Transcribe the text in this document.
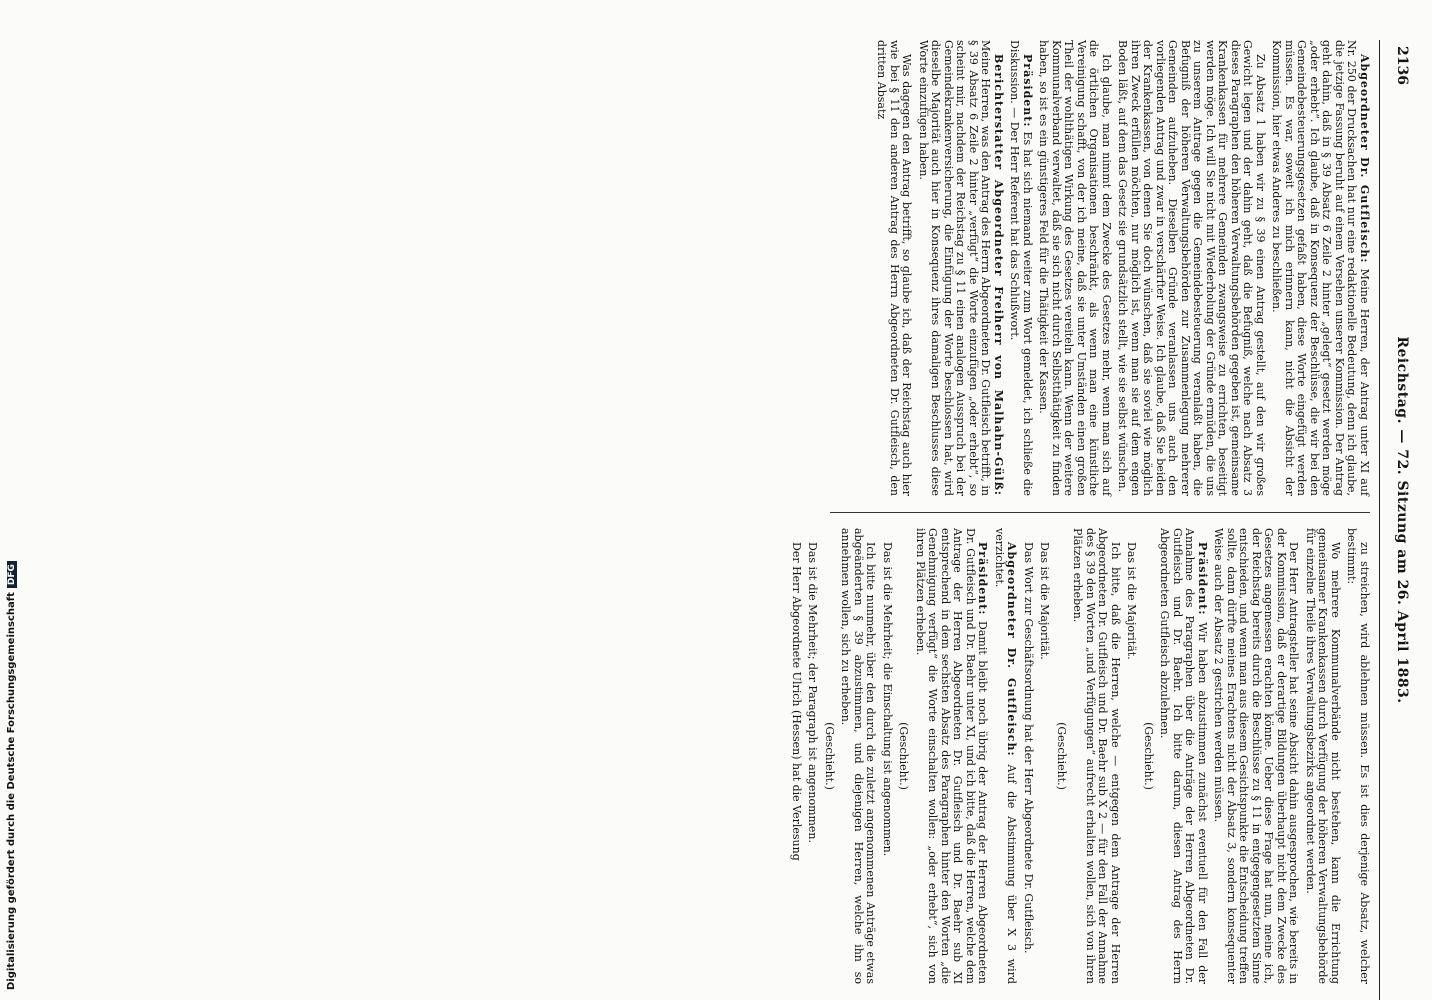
2136
Reichstag. — 72. Sitzung am 26. April 1883.

Abgeordneter Dr. Gutfleisch: Meine Herren, der Antrag unter XI auf Nr. 250 der Drucksachen hat nur eine redaktionelle Bedeutung, denn ich glaube, die jetzige Fassung beruht auf einem Versehen unserer Kommission. Der Antrag geht dahin, daß in § 39 Absatz 6 Zeile 2 hinter „gelegt“ gesetzt werden möge „oder erhebt“. Ich glaube, daß in Konsequenz der Beschlüsse, die wir bei den Gemeindebesteuerungsgesetzen gefaßt haben, diese Worte eingefügt werden müssen. Es war, soweit ich mich erinnern kann, nicht die Absicht der Kommission, hier etwas Anderes zu beschließen.

Zu Absatz 1 haben wir zu § 39 einen Antrag gestellt, auf den wir großes Gewicht legen und der dahin geht, daß die Befugniß, welche nach Absatz 3 dieses Paragraphen den höheren Verwaltungsbehörden gegeben ist, gemeinsame Krankenkassen für mehrere Gemeinden zwangsweise zu errichten, beseitigt werden möge. Ich will Sie nicht mit Wiederholung der Gründe ermüden, die uns zu unserem Antrage gegen die Gemeindebesteuerung veranlaßt haben, die Befugniß der höheren Verwaltungsbehörden zur Zusammenlegung mehrerer Gemeinden aufzuheben. Dieselben Gründe veranlassen uns auch den vorliegenden Antrag und zwar in verschärfter Weise. Ich glaube, daß Sie beiden der Krankenkassen, von denen Sie doch wünschen, daß sie soviel wie möglich ihren Zweck erfüllen möchten, nur möglich ist, wenn man sie auf dem engen Boden läßt, auf dem das Gesetz sie grundsätzlich stellt, wie sie selbst wünschen.

Ich glaube, man nimmt dem Zwecke des Gesetzes mehr, wenn man sich auf die örtlichen Organisationen beschränkt, als wenn man eine künstliche Vereinigung schafft, von der ich meine, daß sie unter Umständen einen großen Theil der wohlthätigen Wirkung des Gesetzes vereiteln kann. Wenn der weitere Kommunalverband verwaltet, daß sie sich nicht durch Selbstthätigkeit zu finden haben, so ist es ein günstigeres Feld für die Thätigkeit der Kassen.

Präsident: Es hat sich niemand weiter zum Wort gemeldet, ich schließe die Diskussion. — Der Herr Referent hat das Schlußwort.

Berichterstatter Abgeordneter Freiherr von Malhahn-Gülß: Meine Herren, was den Antrag des Herrn Abgeordneten Dr. Gutfleisch betrifft, in § 39 Absatz 6 Zeile 2 hinter „verfügt“ die Worte einzufügen „oder erhebt“, so scheint mir, nachdem der Reichstag zu § 11 einen analogen Ausspruch bei der Gemeindekrankenversicherung, die Einfügung der Worte beschlossen hat, wird dieselbe Majorität auch hier in Konsequenz ihres damaligen Beschlusses diese Worte einzufügen haben.

Was dagegen den Antrag betrifft, so glaube ich, daß der Reichstag auch hier wie bei § 11 den anderen Antrag des Herrn Abgeordneten Dr. Gutfleisch, den dritten Absatz

zu streichen, wird ablehnen müssen. Es ist dies derjenige Absatz, welcher bestimmt:

Wo mehrere Kommunalverbände nicht bestehen, kann die Errichtung gemeinsamer Krankenkassen durch Verfügung der höheren Verwaltungsbehörde für einzelne Theile ihres Verwaltungsbezirks angeordnet werden.

Der Herr Antragsteller hat seine Absicht dahin ausgesprochen, wie bereits in der Kommission, daß er derartige Bildungen überhaupt nicht dem Zwecke des Gesetzes angemessen erachten könne. Ueber diese Frage hat nun, meine ich, der Reichstag bereits durch die Beschlüsse zu § 11 in entgegengesetztem Sinne entschieden, und wenn man aus diesem Gesichtspunkte die Entscheidung treffen sollte, dann dürfte meines Erachtens nicht der Absatz 3, sondern konsequenter Weise auch der Absatz 2 gestrichen werden müssen.

Präsident: Wir haben abzustimmen zunächst eventuell für den Fall der Annahme des Paragraphen über die Anträge der Herren Abgeordneten Dr. Gutfleisch und Dr. Baehr. Ich bitte darum, diesen Antrag des Herrn Abgeordneten Gutfleisch abzulehnen.

(Geschieht.)

Das ist die Majorität.

Ich bitte, daß die Herren, welche — entgegen dem Antrage der Herren Abgeordneten Dr. Gutfleisch und Dr. Baehr sub X 2 — für den Fall der Annahme des § 39 den Worten „und Verfügungen“ aufrecht erhalten wollen, sich von ihren Plätzen erheben.

(Geschieht.)

Das ist die Majorität.

Das Wort zur Geschäftsordnung hat der Herr Abgeordnete Dr. Gutfleisch.

Abgeordneter Dr. Gutfleisch: Auf die Abstimmung über X 3 wird verzichtet.

Präsident: Damit bleibt noch übrig der Antrag der Herren Abgeordneten Dr. Gutfleisch und Dr. Baehr unter XI, und ich bitte, daß die Herren, welche dem Antrage der Herren Abgeordneten Dr. Gutfleisch und Dr. Baehr sub XI entsprechend in dem sechsten Absatz des Paragraphen hinter den Worten „die Genehmigung verfügt“ die Worte einschalten wollen: „oder erhebt“, sich von ihren Plätzen erheben.

(Geschieht.)

Das ist die Mehrheit; die Einschaltung ist angenommen.

Ich bitte nunmehr, über den durch die zuletzt angenommenen Anträge etwas abgeänderten § 39 abzustimmen, und diejenigen Herren, welche ihn so annehmen wollen, sich zu erheben.

(Geschieht.)

Das ist die Mehrheit; der Paragraph ist angenommen.

Der Herr Abgeordnete Ulrich (Hessen) hat die Verlesung

Digitalisierung gefördert durch die Deutsche ForschungsgemeinschaftDFG
